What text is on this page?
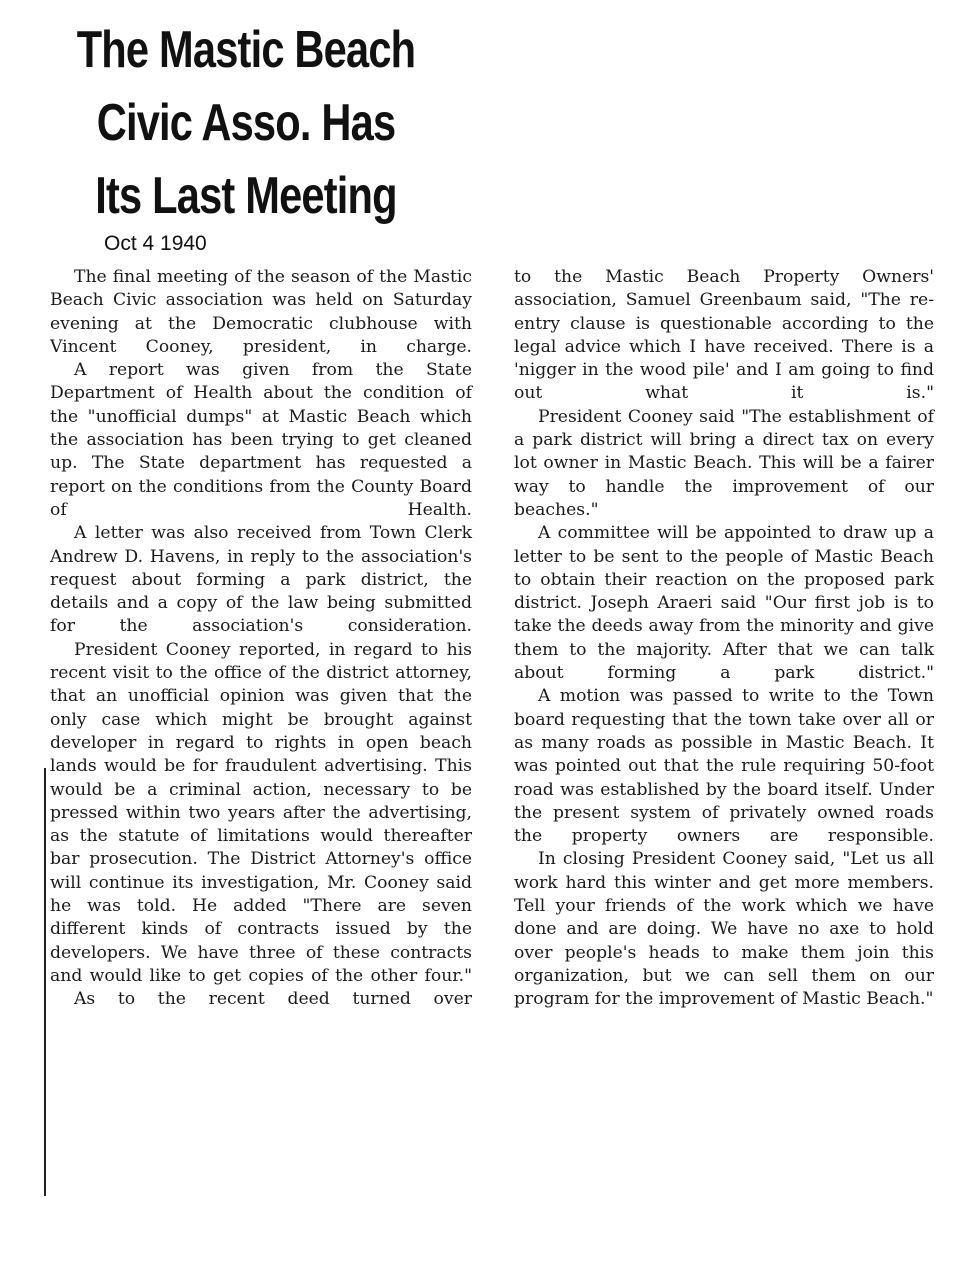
The Mastic Beach
Civic Asso. Has
Its Last Meeting
Oct 4 1940

The final meeting of the season of the Mastic Beach Civic association was held on Saturday evening at the Democratic clubhouse with Vincent Cooney, president, in charge.

A report was given from the State Department of Health about the condition of the "unofficial dumps" at Mastic Beach which the association has been trying to get cleaned up. The State department has requested a report on the conditions from the County Board of Health.

A letter was also received from Town Clerk Andrew D. Havens, in reply to the association's request about forming a park district, the details and a copy of the law being submitted for the association's consideration.

President Cooney reported, in regard to his recent visit to the office of the district attorney, that an unofficial opinion was given that the only case which might be brought against developer in regard to rights in open beach lands would be for fraudulent advertising. This would be a criminal action, necessary to be pressed within two years after the advertising, as the statute of limitations would thereafter bar prosecution. The District Attorney's office will continue its investigation, Mr. Cooney said he was told. He added "There are seven different kinds of contracts issued by the developers. We have three of these contracts and would like to get copies of the other four."

As to the recent deed turned over

to the Mastic Beach Property Owners' association, Samuel Greenbaum said, "The re-entry clause is questionable according to the legal advice which I have received. There is a 'nigger in the wood pile' and I am going to find out what it is."

President Cooney said "The establishment of a park district will bring a direct tax on every lot owner in Mastic Beach. This will be a fairer way to handle the improvement of our beaches."

A committee will be appointed to draw up a letter to be sent to the people of Mastic Beach to obtain their reaction on the proposed park district. Joseph Araeri said "Our first job is to take the deeds away from the minority and give them to the majority. After that we can talk about forming a park district."

A motion was passed to write to the Town board requesting that the town take over all or as many roads as possible in Mastic Beach. It was pointed out that the rule requiring 50-foot road was established by the board itself. Under the present system of privately owned roads the property owners are responsible.

In closing President Cooney said, "Let us all work hard this winter and get more members. Tell your friends of the work which we have done and are doing. We have no axe to hold over people's heads to make them join this organization, but we can sell them on our program for the improvement of Mastic Beach."
